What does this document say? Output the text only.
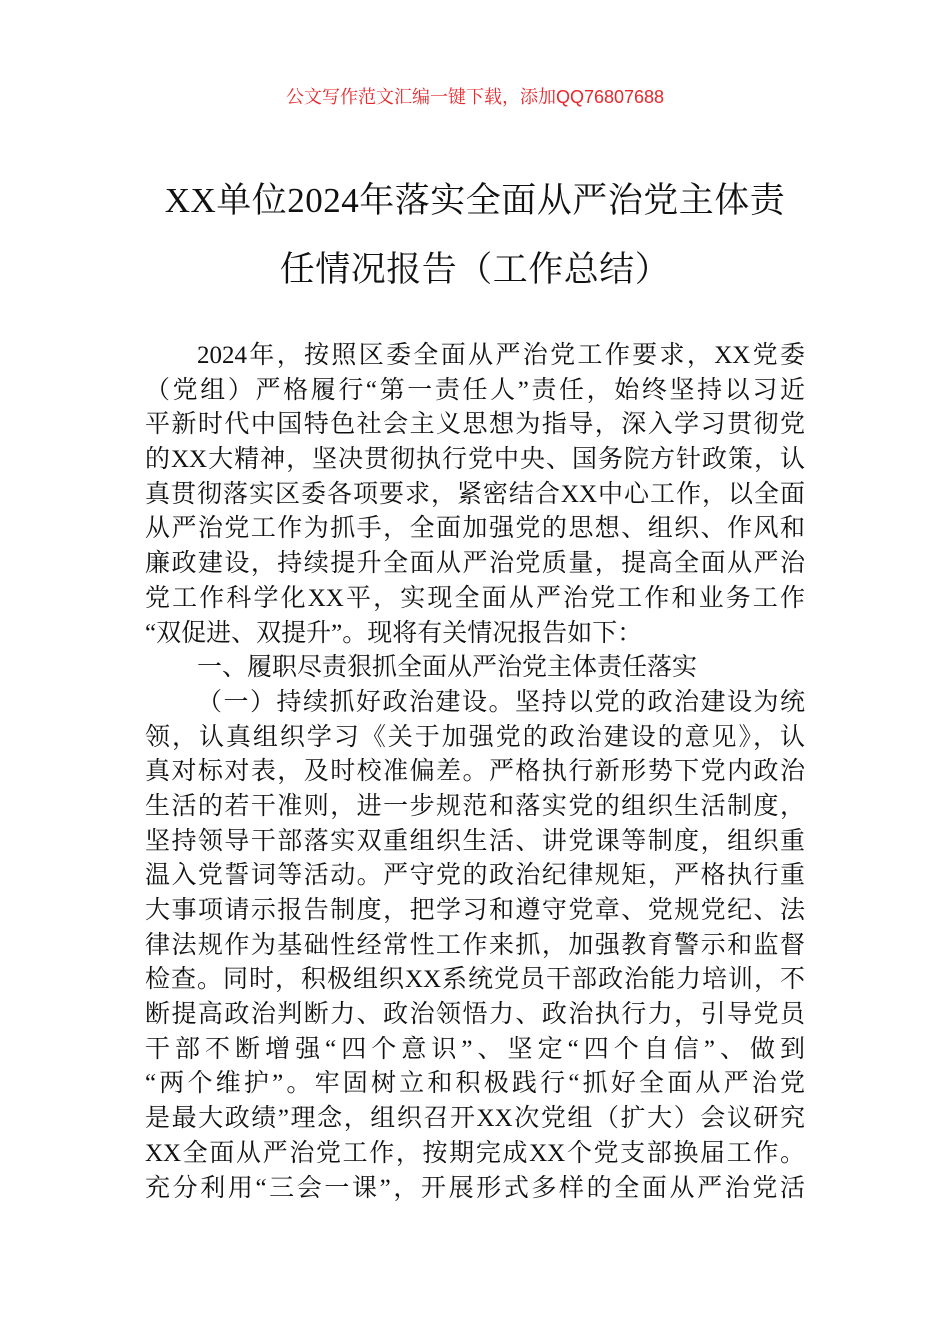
公文写作范文汇编一键下载，添加QQ76807688
XX单位2024年落实全面从严治党主体责
任情况报告（工作总结）
2024年，按照区委全面从严治党工作要求，XX党委
（党组）严格履行“第一责任人”责任，始终坚持以习近
平新时代中国特色社会主义思想为指导，深入学习贯彻党
的XX大精神，坚决贯彻执行党中央、国务院方针政策，认
真贯彻落实区委各项要求，紧密结合XX中心工作，以全面
从严治党工作为抓手，全面加强党的思想、组织、作风和
廉政建设，持续提升全面从严治党质量，提高全面从严治
党工作科学化XX平，实现全面从严治党工作和业务工作
“双促进、双提升”。现将有关情况报告如下：
一、履职尽责狠抓全面从严治党主体责任落实
（一）持续抓好政治建设。坚持以党的政治建设为统
领，认真组织学习《关于加强党的政治建设的意见》，认
真对标对表，及时校准偏差。严格执行新形势下党内政治
生活的若干准则，进一步规范和落实党的组织生活制度，
坚持领导干部落实双重组织生活、讲党课等制度，组织重
温入党誓词等活动。严守党的政治纪律规矩，严格执行重
大事项请示报告制度，把学习和遵守党章、党规党纪、法
律法规作为基础性经常性工作来抓，加强教育警示和监督
检查。同时，积极组织XX系统党员干部政治能力培训，不
断提高政治判断力、政治领悟力、政治执行力，引导党员
干部不断增强“四个意识”、坚定“四个自信”、做到
“两个维护”。牢固树立和积极践行“抓好全面从严治党
是最大政绩”理念，组织召开XX次党组（扩大）会议研究
XX全面从严治党工作，按期完成XX个党支部换届工作。
充分利用“三会一课”，开展形式多样的全面从严治党活
